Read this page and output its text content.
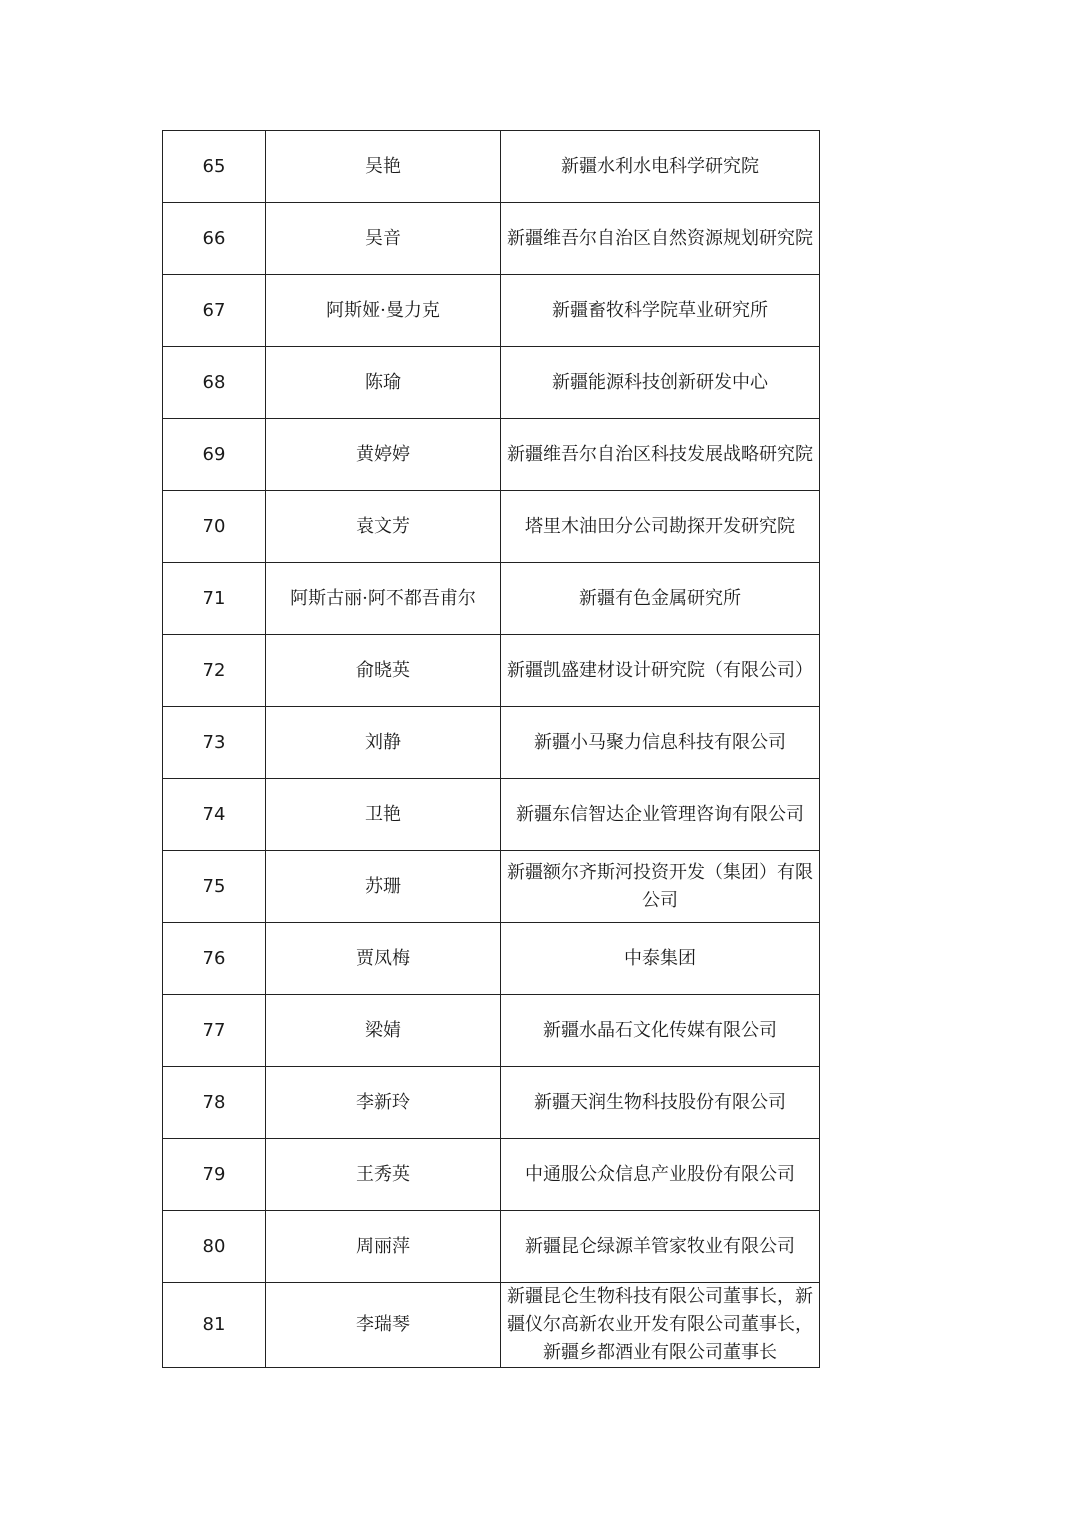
65	吴艳	新疆水利水电科学研究院
66	吴音	新疆维吾尔自治区自然资源规划研究院
67	阿斯娅·曼力克	新疆畜牧科学院草业研究所
68	陈瑜	新疆能源科技创新研发中心
69	黄婷婷	新疆维吾尔自治区科技发展战略研究院
70	袁文芳	塔里木油田分公司勘探开发研究院
71	阿斯古丽·阿不都吾甫尔	新疆有色金属研究所
72	俞晓英	新疆凯盛建材设计研究院（有限公司）
73	刘静	新疆小马聚力信息科技有限公司
74	卫艳	新疆东信智达企业管理咨询有限公司
75	苏珊	新疆额尔齐斯河投资开发（集团）有限公司
76	贾凤梅	中泰集团
77	梁婧	新疆水晶石文化传媒有限公司
78	李新玲	新疆天润生物科技股份有限公司
79	王秀英	中通服公众信息产业股份有限公司
80	周丽萍	新疆昆仑绿源羊管家牧业有限公司
81	李瑞琴	新疆昆仑生物科技有限公司董事长，新疆仪尔高新农业开发有限公司董事长，新疆乡都酒业有限公司董事长
